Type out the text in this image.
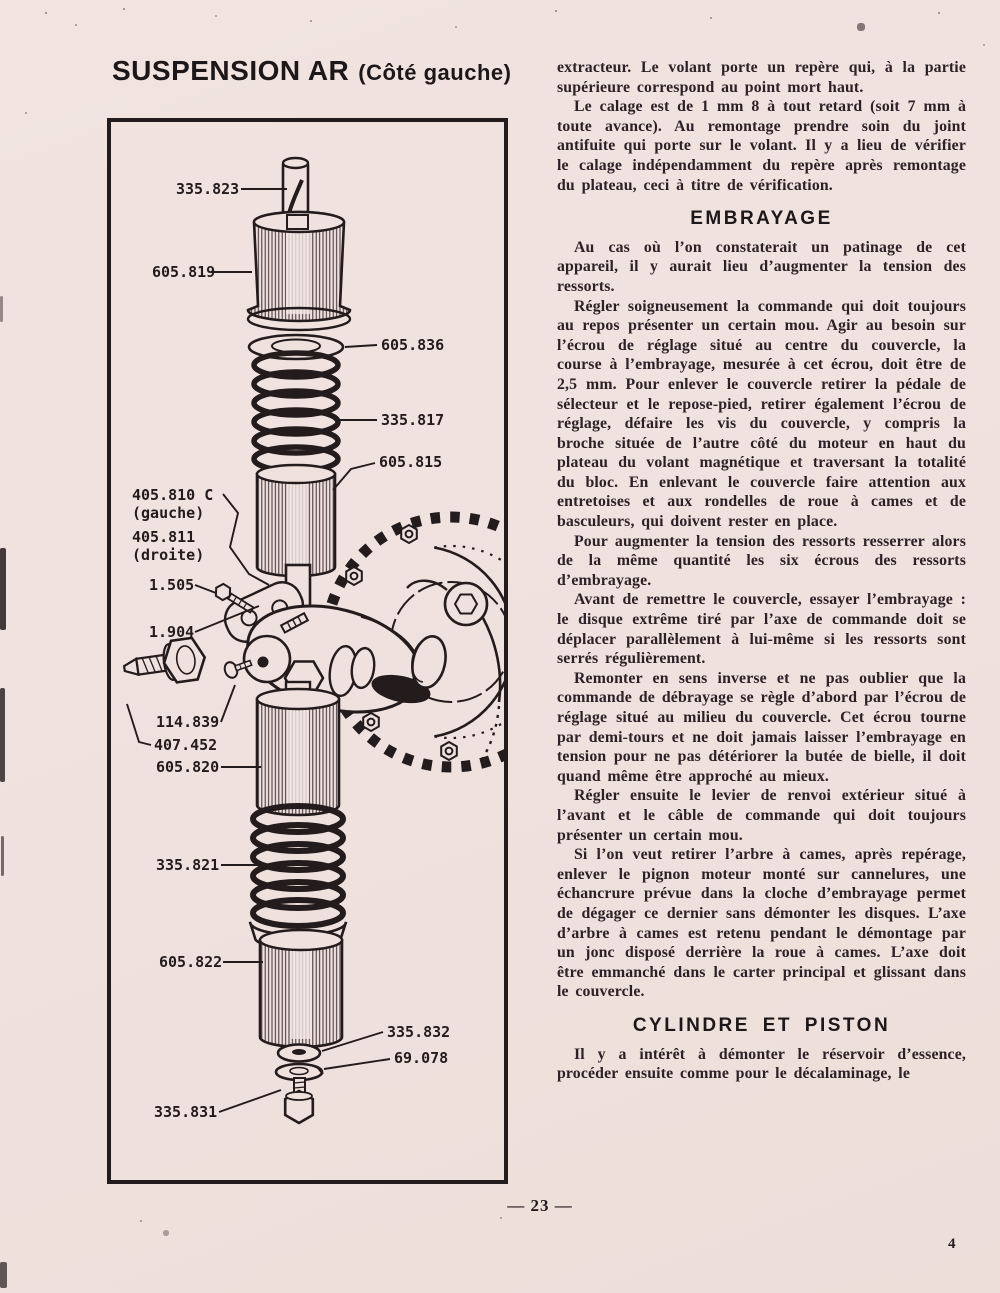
SUSPENSION AR (Côté gauche)
335.823
605.819
605.836
335.817
605.815
405.810 C
(gauche)
405.811
(droite)
1.505
1.904
114.839
407.452
605.820
335.821
605.822
335.832
69.078
335.831

extracteur. Le volant porte un repère qui, à la partie supérieure correspond au point mort haut.

Le calage est de 1 mm 8 à tout retard (soit 7 mm à toute avance). Au remontage prendre soin du joint antifuite qui porte sur le volant. Il y a lieu de vérifier le calage indépendamment du repère après remontage du plateau, ceci à titre de vérification.

EMBRAYAGE

Au cas où l’on constaterait un patinage de cet appareil, il y aurait lieu d’augmenter la tension des ressorts.

Régler soigneusement la commande qui doit toujours au repos présenter un certain mou. Agir au besoin sur l’écrou de réglage situé au centre du couvercle, la course à l’embrayage, mesurée à cet écrou, doit être de 2,5 mm. Pour enlever le couvercle retirer la pédale de sélecteur et le repose-pied, retirer également l’écrou de réglage, défaire les vis du couvercle, y compris la broche située de l’autre côté du moteur en haut du plateau du volant magnétique et traversant la totalité du bloc. En enlevant le couvercle faire attention aux entretoises et aux rondelles de roue à cames et de basculeurs, qui doivent rester en place.

Pour augmenter la tension des ressorts resserrer alors de la même quantité les six écrous des ressorts d’embrayage.

Avant de remettre le couvercle, essayer l’embrayage : le disque extrême tiré par l’axe de commande doit se déplacer parallèlement à lui-même si les ressorts sont serrés régulièrement.

Remonter en sens inverse et ne pas oublier que la commande de débrayage se règle d’abord par l’écrou de réglage situé au milieu du couvercle. Cet écrou tourne par demi-tours et ne doit jamais laisser l’embrayage en tension pour ne pas détériorer la butée de bielle, il doit quand même être approché au mieux.

Régler ensuite le levier de renvoi extérieur situé à l’avant et le câble de commande qui doit toujours présenter un certain mou.

Si l’on veut retirer l’arbre à cames, après repérage, enlever le pignon moteur monté sur cannelures, une échancrure prévue dans la cloche d’embrayage permet de dégager ce dernier sans démonter les disques. L’axe d’arbre à cames est retenu pendant le démontage par un jonc disposé derrière la roue à cames. L’axe doit être emmanché dans le carter principal et glissant dans le couvercle.

CYLINDRE ET PISTON

Il y a intérêt à démonter le réservoir d’essence, procéder ensuite comme pour le décalaminage, le

— 23 —
4
